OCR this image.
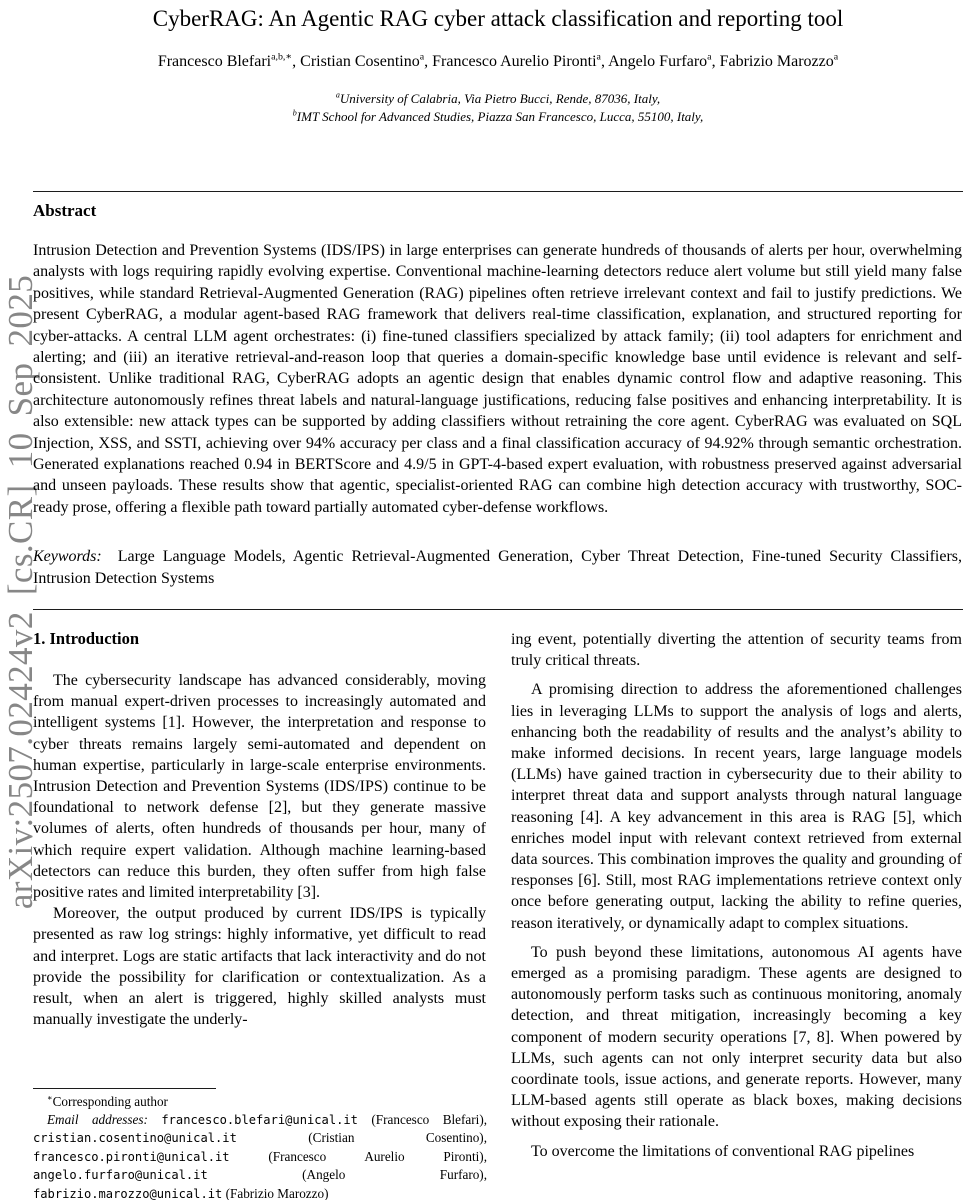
arXiv:2507.02424v2 [cs.CR] 10 Sep 2025
CyberRAG: An Agentic RAG cyber attack classification and reporting tool
Francesco Blefari$^{a,b,∗}$, Cristian Cosentino$^a$, Francesco Aurelio Pironti$^a$, Angelo Furfaro$^a$, Fabrizio Marozzo$^a$
$^a$University of Calabria, Via Pietro Bucci, Rende, 87036, Italy,
$^b$IMT School for Advanced Studies, Piazza San Francesco, Lucca, 55100, Italy,
Abstract

Intrusion Detection and Prevention Systems (IDS/IPS) in large enterprises can generate hundreds of thousands of alerts per hour, overwhelming analysts with logs requiring rapidly evolving expertise. Conventional machine-learning detectors reduce alert volume but still yield many false positives, while standard Retrieval-Augmented Generation (RAG) pipelines often retrieve irrelevant context and fail to justify predictions. We present CyberRAG, a modular agent-based RAG framework that delivers real-time classification, explanation, and structured reporting for cyber-attacks. A central LLM agent orchestrates: (i) fine-tuned classifiers specialized by attack family; (ii) tool adapters for enrichment and alerting; and (iii) an iterative retrieval-and-reason loop that queries a domain-specific knowledge base until evidence is relevant and self-consistent. Unlike traditional RAG, CyberRAG adopts an agentic design that enables dynamic control flow and adaptive reasoning. This architecture autonomously refines threat labels and natural-language justifications, reducing false positives and enhancing interpretability. It is also extensible: new attack types can be supported by adding classifiers without retraining the core agent. CyberRAG was evaluated on SQL Injection, XSS, and SSTI, achieving over 94% accuracy per class and a final classification accuracy of 94.92% through semantic orchestration. Generated explanations reached 0.94 in BERTScore and 4.9/5 in GPT-4-based expert evaluation, with robustness preserved against adversarial and unseen payloads. These results show that agentic, specialist-oriented RAG can combine high detection accuracy with trustworthy, SOC-ready prose, offering a flexible path toward partially automated cyber-defense workflows.

Keywords: Large Language Models, Agentic Retrieval-Augmented Generation, Cyber Threat Detection, Fine-tuned Security Classifiers, Intrusion Detection Systems
1. Introduction

The cybersecurity landscape has advanced considerably, moving from manual expert-driven processes to increasingly automated and intelligent systems [1]. However, the interpretation and response to cyber threats remains largely semi-automated and dependent on human expertise, particularly in large-scale enterprise environments. Intrusion Detection and Prevention Systems (IDS/IPS) continue to be foundational to network defense [2], but they generate massive volumes of alerts, often hundreds of thousands per hour, many of which require expert validation. Although machine learning-based detectors can reduce this burden, they often suffer from high false positive rates and limited interpretability [3].

Moreover, the output produced by current IDS/IPS is typically presented as raw log strings: highly informative, yet difficult to read and interpret. Logs are static artifacts that lack interactivity and do not provide the possibility for clarification or contextualization. As a result, when an alert is triggered, highly skilled analysts must manually investigate the underly-

ing event, potentially diverting the attention of security teams from truly critical threats.

A promising direction to address the aforementioned challenges lies in leveraging LLMs to support the analysis of logs and alerts, enhancing both the readability of results and the analyst’s ability to make informed decisions. In recent years, large language models (LLMs) have gained traction in cybersecurity due to their ability to interpret threat data and support analysts through natural language reasoning [4]. A key advancement in this area is RAG [5], which enriches model input with relevant context retrieved from external data sources. This combination improves the quality and grounding of responses [6]. Still, most RAG implementations retrieve context only once before generating output, lacking the ability to refine queries, reason iteratively, or dynamically adapt to complex situations.

To push beyond these limitations, autonomous AI agents have emerged as a promising paradigm. These agents are designed to autonomously perform tasks such as continuous monitoring, anomaly detection, and threat mitigation, increasingly becoming a key component of modern security operations [7, 8]. When powered by LLMs, such agents can not only interpret security data but also coordinate tools, issue actions, and generate reports. However, many LLM-based agents still operate as black boxes, making decisions without exposing their rationale.

To overcome the limitations of conventional RAG pipelines

∗Corresponding author

Email addresses: francesco.blefari@unical.it (Francesco Blefari), cristian.cosentino@unical.it (Cristian Cosentino), francesco.pironti@unical.it (Francesco Aurelio Pironti), angelo.furfaro@unical.it (Angelo Furfaro), fabrizio.marozzo@unical.it (Fabrizio Marozzo)
